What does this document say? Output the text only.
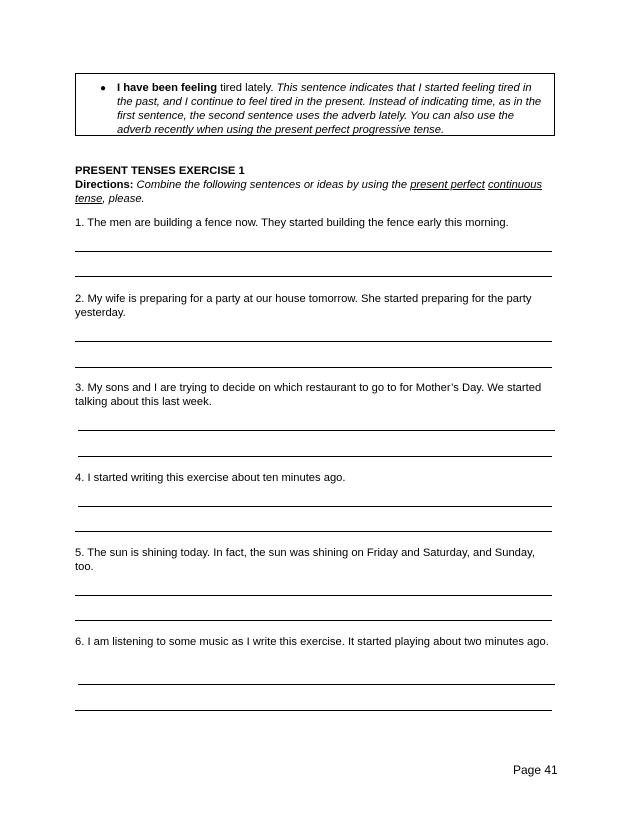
● I have been feeling tired lately. This sentence indicates that I started feeling tired in the past, and I continue to feel tired in the present. Instead of indicating time, as in the first sentence, the second sentence uses the adverb lately. You can also use the adverb recently when using the present perfect progressive tense.
PRESENT TENSES EXERCISE 1
Directions: Combine the following sentences or ideas by using the present perfect continuous tense, please.
1. The men are building a fence now. They started building the fence early this morning.
2. My wife is preparing for a party at our house tomorrow. She started preparing for the party yesterday.
3. My sons and I are trying to decide on which restaurant to go to for Mother’s Day. We started talking about this last week.
4. I started writing this exercise about ten minutes ago.
5. The sun is shining today. In fact, the sun was shining on Friday and Saturday, and Sunday, too.
6. I am listening to some music as I write this exercise. It started playing about two minutes ago.
Page 41
